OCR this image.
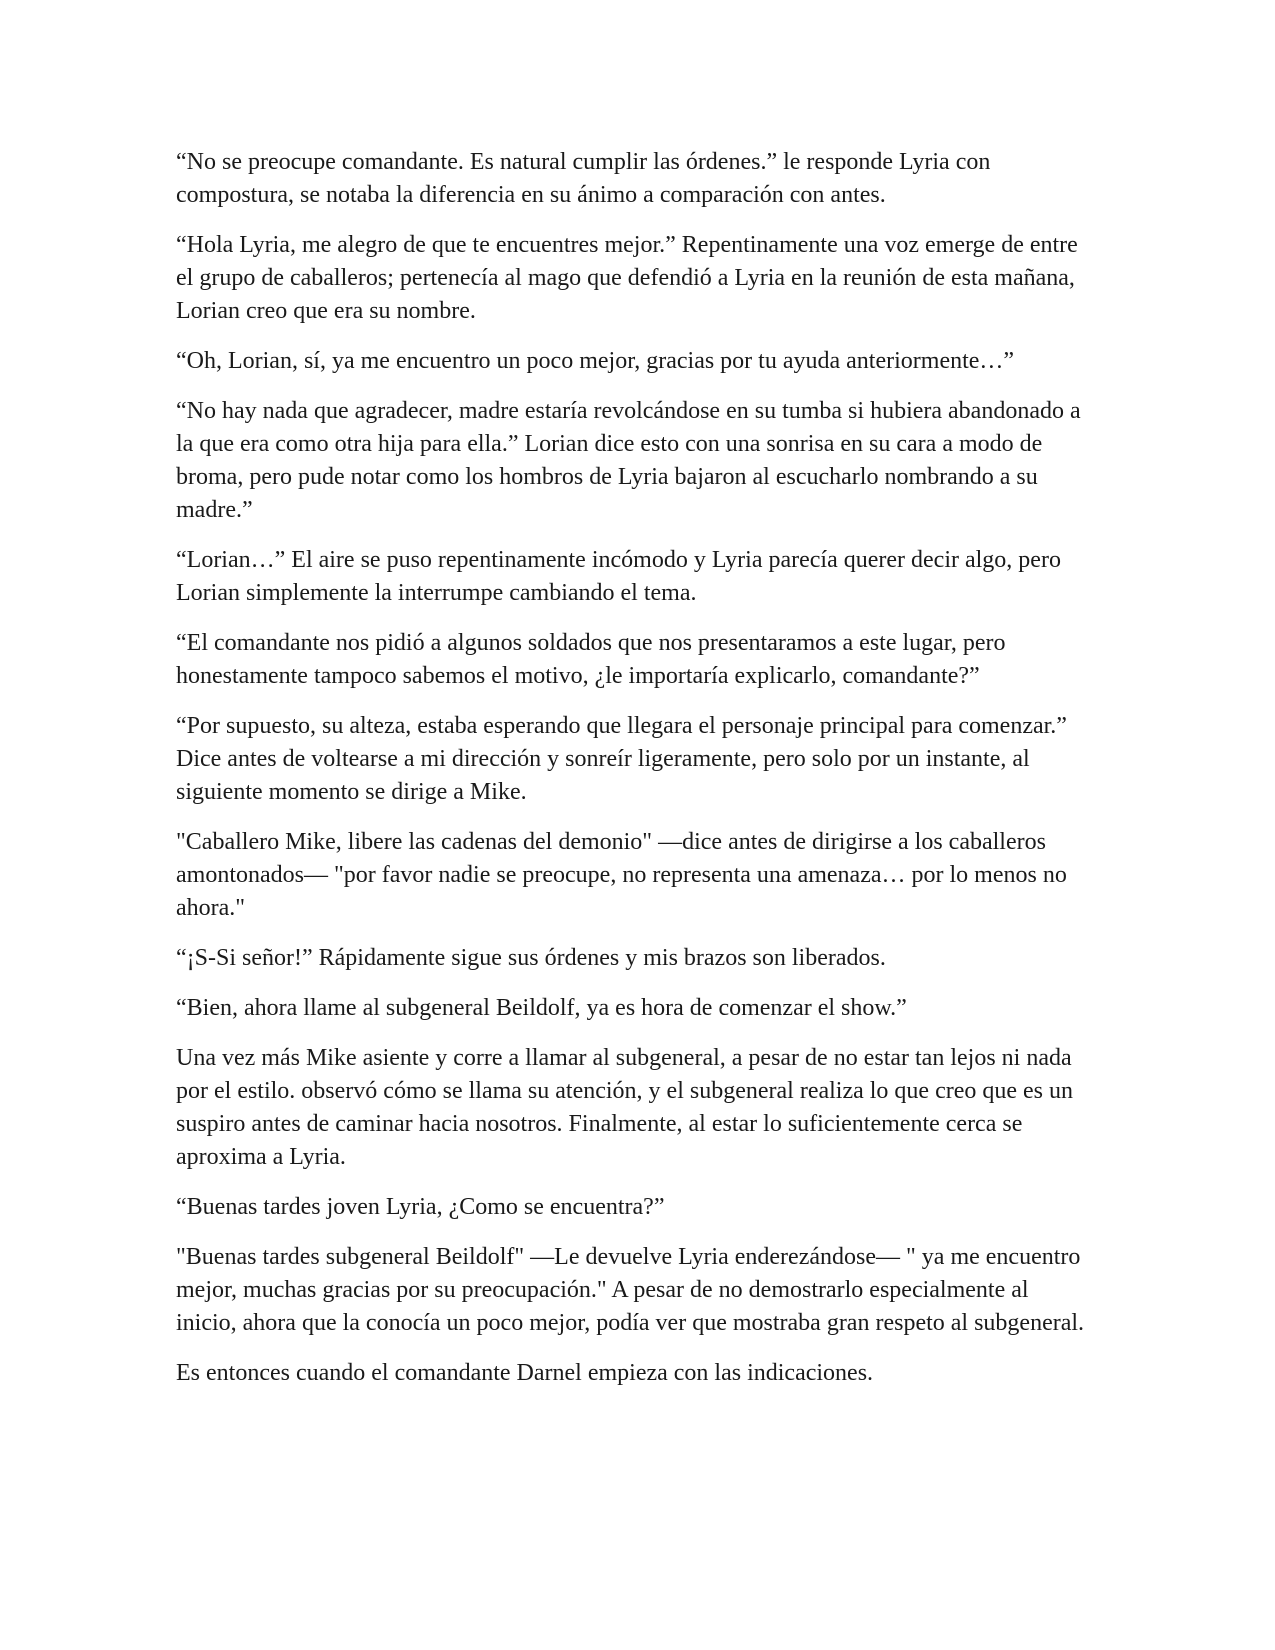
“No se preocupe comandante. Es natural cumplir las órdenes.” le responde Lyria con compostura, se notaba la diferencia en su ánimo a comparación con antes.

“Hola Lyria, me alegro de que te encuentres mejor.” Repentinamente una voz emerge de entre el grupo de caballeros; pertenecía al mago que defendió a Lyria en la reunión de esta mañana, Lorian creo que era su nombre.

“Oh, Lorian, sí, ya me encuentro un poco mejor, gracias por tu ayuda anteriormente…”

“No hay nada que agradecer, madre estaría revolcándose en su tumba si hubiera abandonado a la que era como otra hija para ella.” Lorian dice esto con una sonrisa en su cara a modo de broma, pero pude notar como los hombros de Lyria bajaron al escucharlo nombrando a su madre.”

“Lorian…” El aire se puso repentinamente incómodo y Lyria parecía querer decir algo, pero Lorian simplemente la interrumpe cambiando el tema.

“El comandante nos pidió a algunos soldados que nos presentaramos a este lugar, pero honestamente tampoco sabemos el motivo, ¿le importaría explicarlo, comandante?”

“Por supuesto, su alteza, estaba esperando que llegara el personaje principal para comenzar.” Dice antes de voltearse a mi dirección y sonreír ligeramente, pero solo por un instante, al siguiente momento se dirige a Mike.

"Caballero Mike, libere las cadenas del demonio" —dice antes de dirigirse a los caballeros amontonados— "por favor nadie se preocupe, no representa una amenaza… por lo menos no ahora."

“¡S-Si señor!” Rápidamente sigue sus órdenes y mis brazos son liberados.

“Bien, ahora llame al subgeneral Beildolf, ya es hora de comenzar el show.”

Una vez más Mike asiente y corre a llamar al subgeneral, a pesar de no estar tan lejos ni nada por el estilo. observó cómo se llama su atención, y el subgeneral realiza lo que creo que es un suspiro antes de caminar hacia nosotros. Finalmente, al estar lo suficientemente cerca se aproxima a Lyria.

“Buenas tardes joven Lyria, ¿Como se encuentra?”

"Buenas tardes subgeneral Beildolf" —Le devuelve Lyria enderezándose— " ya me encuentro mejor, muchas gracias por su preocupación." A pesar de no demostrarlo especialmente al inicio, ahora que la conocía un poco mejor, podía ver que mostraba gran respeto al subgeneral.

Es entonces cuando el comandante Darnel empieza con las indicaciones.
